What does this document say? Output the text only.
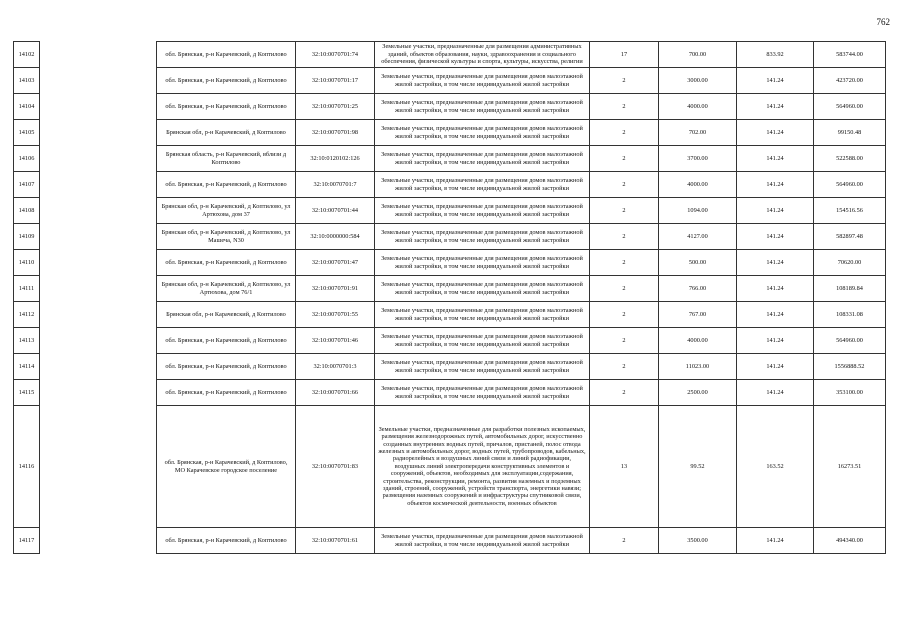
762
14102		обл. Брянская, р-н Карачевский, д Коптилово	32:10:0070701:74	Земельные участки, предназначенные для размещения административных зданий, объектов образования, науки, здравоохранения и социального обеспечения, физической культуры и спорта, культуры, искусства, религии	17	700.00	833.92	583744.00
14103		обл. Брянская, р-н Карачевский, д Коптилово	32:10:0070701:17	Земельные участки, предназначенные для размещения домов малоэтажной жилой застройки, в том числе индивидуальной жилой застройки	2	3000.00	141.24	423720.00
14104		обл. Брянская, р-н Карачевский, д Коптилово	32:10:0070701:25	Земельные участки, предназначенные для размещения домов малоэтажной жилой застройки, в том числе индивидуальной жилой застройки	2	4000.00	141.24	564960.00
14105		Брянская обл, р-н Карачевский, д Коптилово	32:10:0070701:98	Земельные участки, предназначенные для размещения домов малоэтажной жилой застройки, в том числе индивидуальной жилой застройки	2	702.00	141.24	99150.48
14106		Брянская область, р-н Карачевский, вблизи д Коптилово	32:10:0120102:126	Земельные участки, предназначенные для размещения домов малоэтажной жилой застройки, в том числе индивидуальной жилой застройки	2	3700.00	141.24	522588.00
14107		обл. Брянская, р-н Карачевский, д Коптилово	32:10:0070701:7	Земельные участки, предназначенные для размещения домов малоэтажной жилой застройки, в том числе индивидуальной жилой застройки	2	4000.00	141.24	564960.00
14108		Брянская обл, р-н Карачевский, д Коптилово, ул Артюхова, дом 37	32:10:0070701:44	Земельные участки, предназначенные для размещения домов малоэтажной жилой застройки, в том числе индивидуальной жилой застройки	2	1094.00	141.24	154516.56
14109		Брянская обл, р-н Карачевский, д Коптилово, ул Машеча, N30	32:10:0000000:584	Земельные участки, предназначенные для размещения домов малоэтажной жилой застройки, в том числе индивидуальной жилой застройки	2	4127.00	141.24	582897.48
14110		обл. Брянская, р-н Карачевский, д Коптилово	32:10:0070701:47	Земельные участки, предназначенные для размещения домов малоэтажной жилой застройки, в том числе индивидуальной жилой застройки	2	500.00	141.24	70620.00
14111		Брянская обл, р-н Карачевский, д Коптилово, ул Артюхова, дом 76/1	32:10:0070701:91	Земельные участки, предназначенные для размещения домов малоэтажной жилой застройки, в том числе индивидуальной жилой застройки	2	766.00	141.24	108189.84
14112		Брянская обл, р-н Карачевский, д Коптилово	32:10:0070701:55	Земельные участки, предназначенные для размещения домов малоэтажной жилой застройки, в том числе индивидуальной жилой застройки	2	767.00	141.24	108331.08
14113		обл. Брянская, р-н Карачевский, д Коптилово	32:10:0070701:46	Земельные участки, предназначенные для размещения домов малоэтажной жилой застройки, в том числе индивидуальной жилой застройки	2	4000.00	141.24	564960.00
14114		обл. Брянская, р-н Карачевский, д Коптилово	32:10:0070701:3	Земельные участки, предназначенные для размещения домов малоэтажной жилой застройки, в том числе индивидуальной жилой застройки	2	11023.00	141.24	1556888.52
14115		обл. Брянская, р-н Карачевский, д Коптилово	32:10:0070701:66	Земельные участки, предназначенные для размещения домов малоэтажной жилой застройки, в том числе индивидуальной жилой застройки	2	2500.00	141.24	353100.00
14116		обл. Брянская, р-н Карачевский, д Коптилово, МО Карачевское городское поселение	32:10:0070701:83	Земельные участки, предназначенные для разработки полезных ископаемых, размещения железнодорожных путей, автомобильных дорог, искусственно созданных внутренних водных путей, причалов, пристаней, полос отвода железных и автомобильных дорог, водных путей, трубопроводов, кабельных, радиорелейных и воздушных линий связи и линий радиофикации, воздушных линий электропередачи конструктивных элементов и сооружений, объектов, необходимых для эксплуатации,содержания, строительства, реконструкции, ремонта, развития наземных и подземных зданий, строений, сооружений, устройств транспорта, энергетики навязи; размещения наземных сооружений и инфраструктуры спутниковой связи, объектов космической деятельности, военных объектов	13	99.52	163.52	16273.51
14117		обл. Брянская, р-н Карачевский, д Коптилово	32:10:0070701:61	Земельные участки, предназначенные для размещения домов малоэтажной жилой застройки, в том числе индивидуальной жилой застройки	2	3500.00	141.24	494340.00
